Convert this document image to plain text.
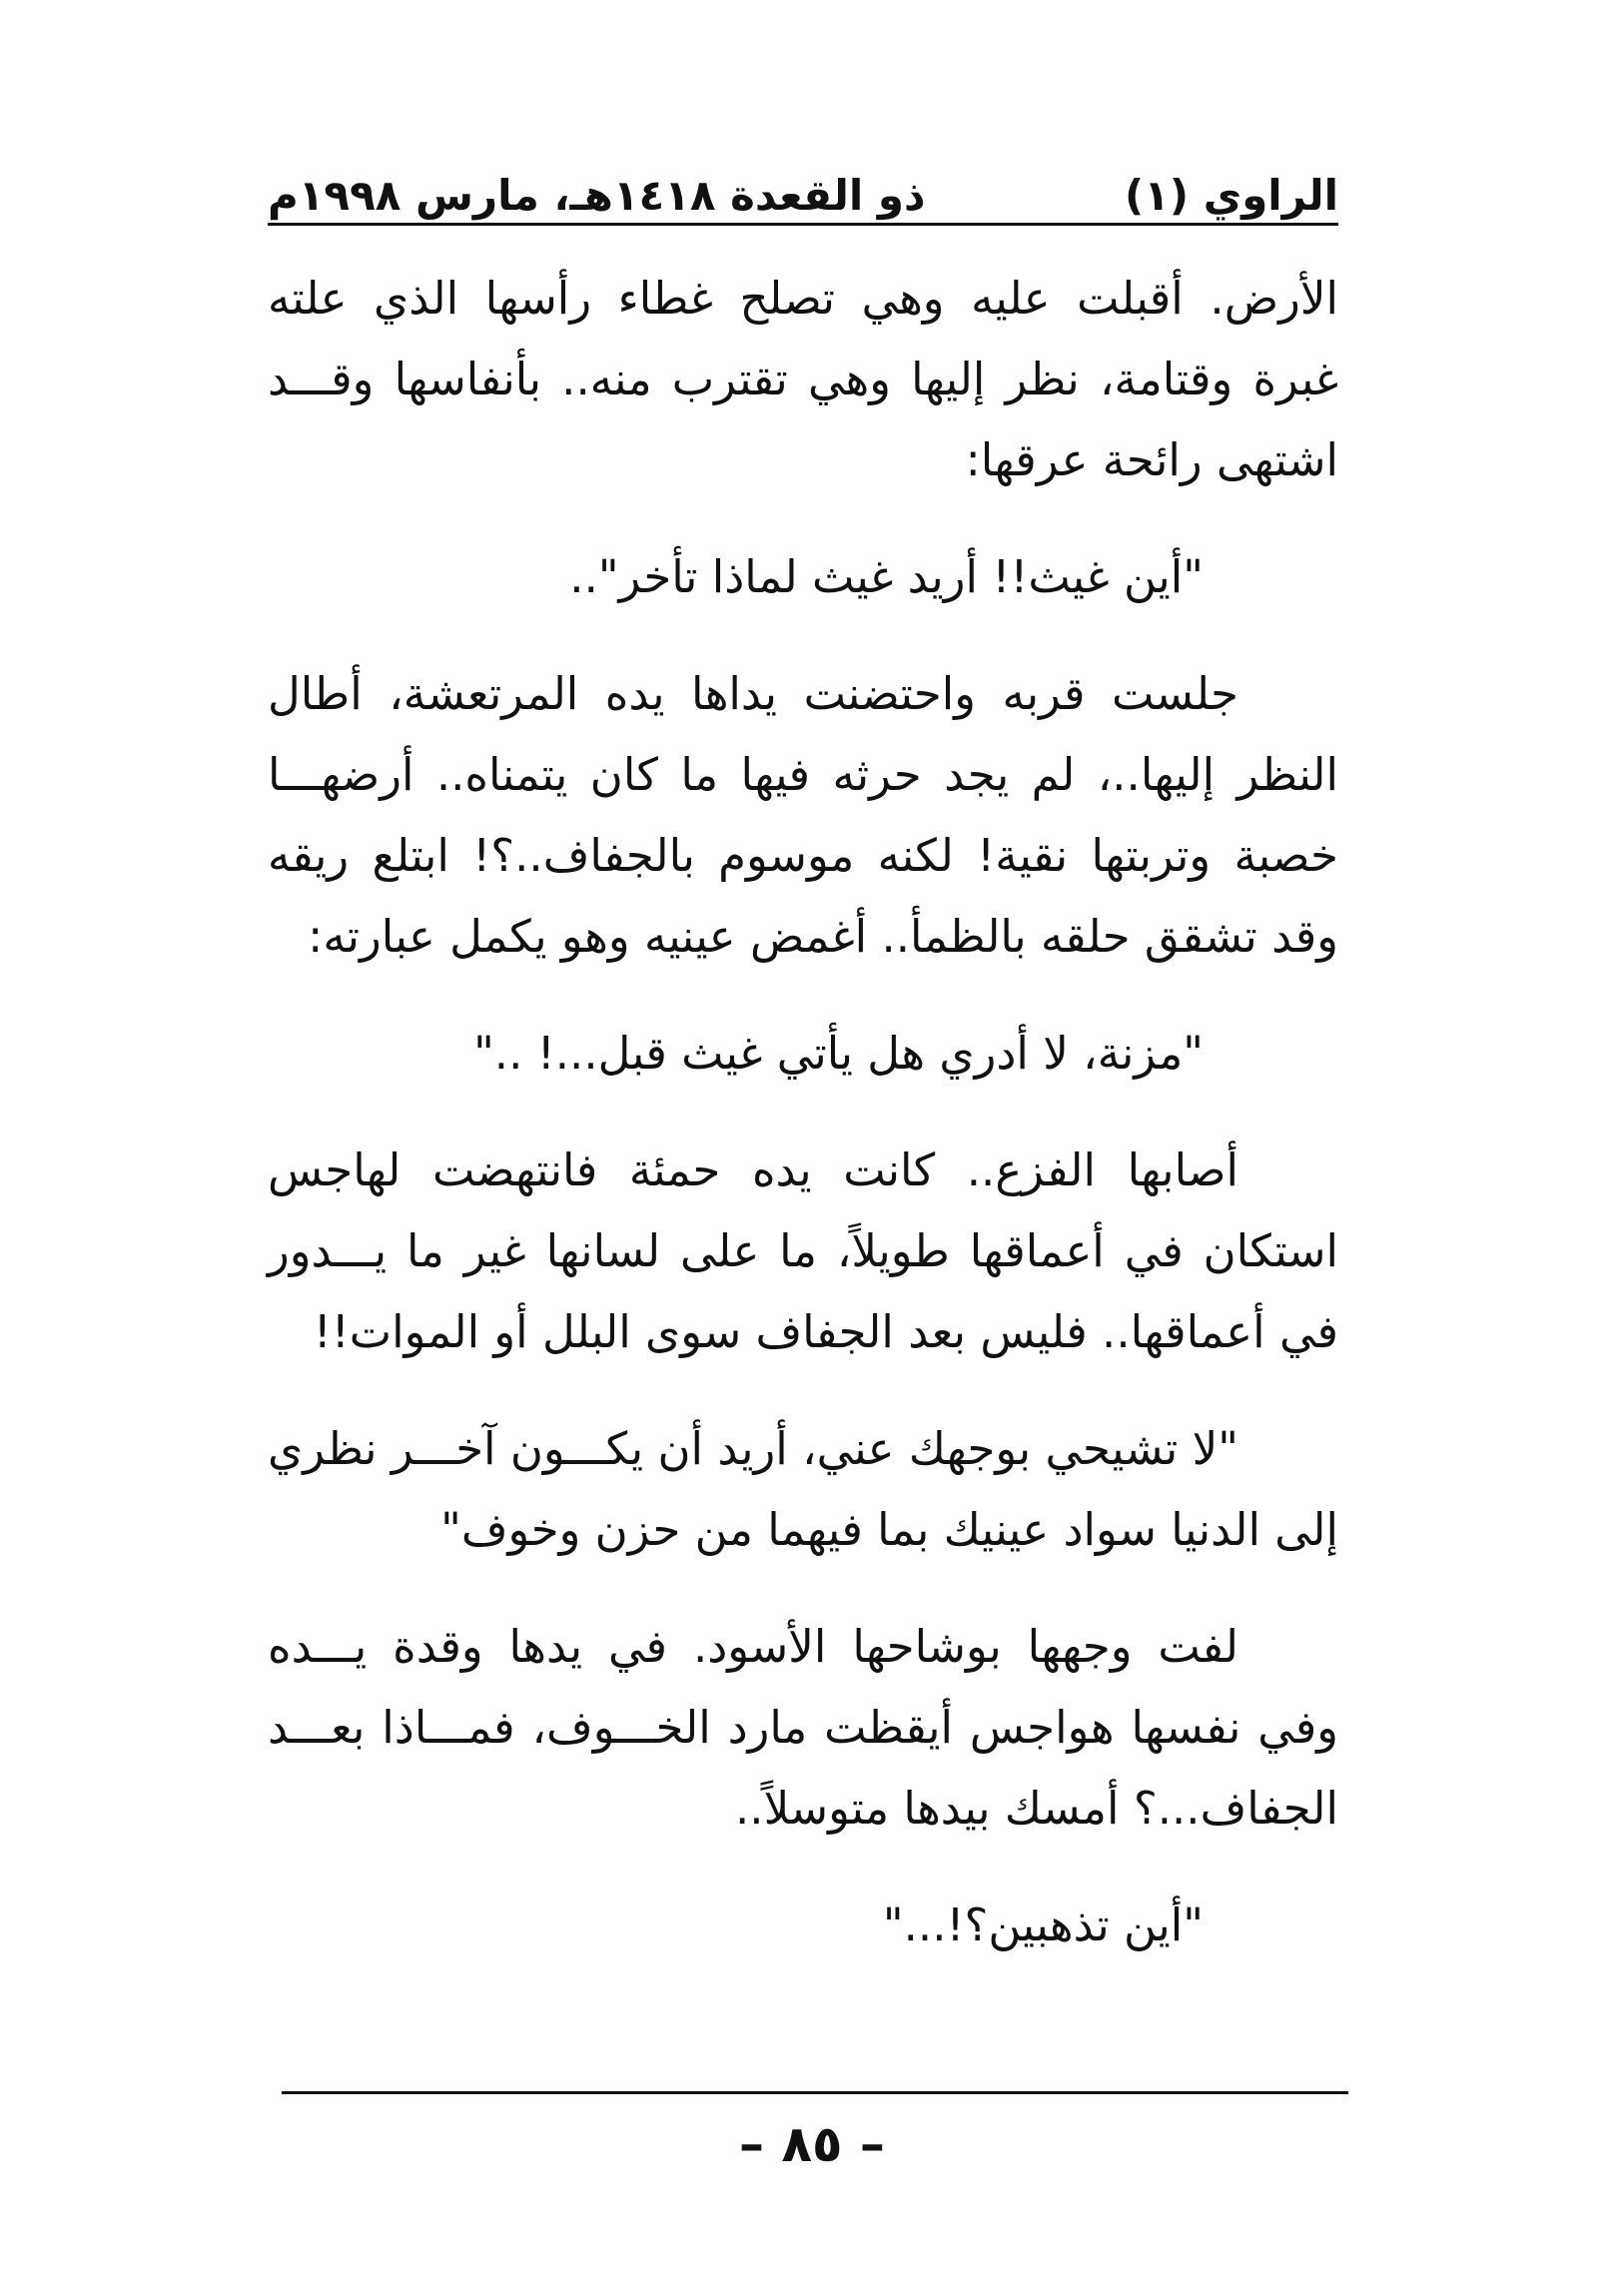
الراوي (١)
ذو القعدة ١٤١٨هـ، مارس ١٩٩٨م

الأرض. أقبلت عليه وهي تصلح غطاء رأسها الذي علته غبرة وقتامة، نظر إليها وهي تقترب منه.. بأنفاسها وقـــد اشتهى رائحة عرقها:

"أين غيث!! أريد غيث لماذا تأخر"..

جلست قربه واحتضنت يداها يده المرتعشة، أطال النظر إليها..، لم يجد حرثه فيها ما كان يتمناه.. أرضهـــا خصبة وتربتها نقية! لكنه موسوم بالجفاف..؟! ابتلع ريقه وقد تشقق حلقه بالظمأ.. أغمض عينيه وهو يكمل عبارته:

"مزنة، لا أدري هل يأتي غيث قبل...! .."

أصابها الفزع.. كانت يده حمئة فانتهضت لهاجس استكان في أعماقها طويلاً، ما على لسانها غير ما يـــدور في أعماقها.. فليس بعد الجفاف سوى البلل أو الموات!!

"لا تشيحي بوجهك عني، أريد أن يكـــون آخـــر نظري إلى الدنيا سواد عينيك بما فيهما من حزن وخوف"

لفت وجهها بوشاحها الأسود. في يدها وقدة يـــده وفي نفسها هواجس أيقظت مارد الخـــوف، فمـــاذا بعـــد الجفاف...؟ أمسك بيدها متوسلاً..

"أين تذهبين؟!..."

– ٨٥ –
